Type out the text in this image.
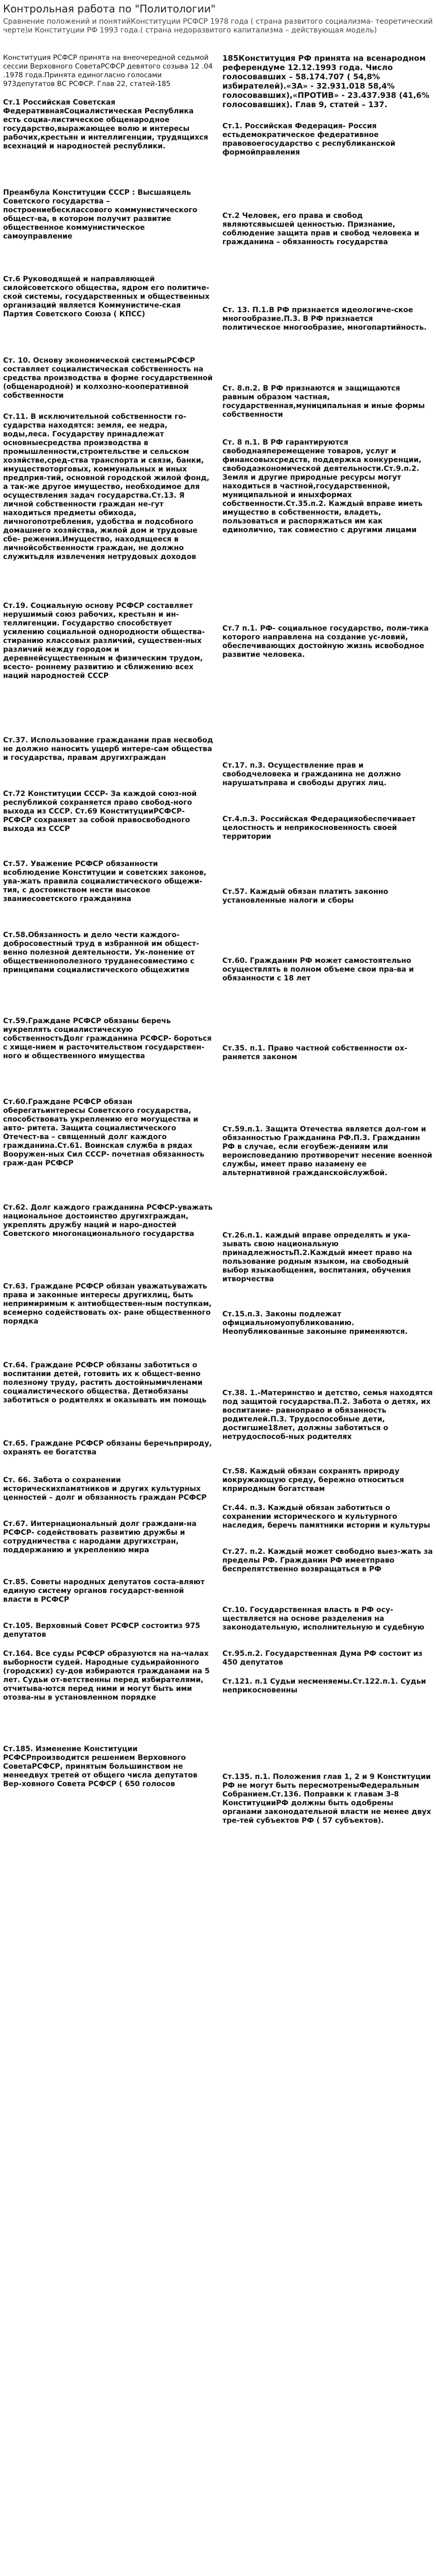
Контрольная работа по "Политологии"
Сравнение положений и понятийКонституции РСФСР 1978 года ( страна развитого социализма- теоретический черте)и Конституции РФ 1993 года.( страна недоразвитого капитализма – действующая модель)
Конституция РСФСР принята на внеочередной седьмой сессии Верховного СоветаРСФСР девятого созыва 12 .04 .1978 года.Принята единогласно голосами 973депутатов ВС РСФСР. Глав 22, статей-185
Ст.1 Российская Советская ФедеративнаяСоциалистическая Республика есть социа-листическое общенародное государство,выражающее волю и интересы рабочих,крестьян и интеллигенции, трудящихся всехнаций и народностей республики.
Преамбула Конституции СССР : Высшаяцель Советского государства – построениебесклассового коммунистического общест-ва, в котором получит развитие общественное коммунистическое самоуправление
Ст.6 Руководящей и направляющей силойсоветского общества, ядром его политиче-ской системы, государственных и общественных организаций является Коммунистиче-ская Партия Советского Союза ( КПСС)
Ст. 10. Основу экономической системыРСФСР составляет социалистическая собственность на средства производства в форме государственной (общенародной) и колхозно-кооперативной собственности
Ст.11. В исключительной собственности го-сударства находятся: земля, ее недра, воды,леса. Государству принадлежат основныесредства производства в промышленности,строительстве и сельском хозяйстве,сред-ства транспорта и связи, банки, имуществоторговых, коммунальных и иных предприя-тий, основной городской жилой фонд, а так-же другое имущество, необходимое для осуществления задач государства.Ст.13. Я личной собственности граждан не-гут находиться предметы обихода, личногопотребления, удобства и подсобного домашнего хозяйства, жилой дом и трудовые сбе- режения.Имущество, находящееся в личнойсобственности граждан, не должно служитьдля извлечения нетрудовых доходов
Ст.19. Социальную основу РСФСР составляет нерушимый союз рабочих, крестьян и ин-теллигенции. Государство способствует усилению социальной однородности общества-стиранию классовых различий, существен-ных различий между городом и деревнейсущественным и физическим трудом, всесто- роннему развитию и сближению всех наций народностей СССР
Ст.37. Использование гражданами прав несвобод не должно наносить ущерб интере-сам общества и государства, правам другихграждан
Ст.72 Конституции СССР- За каждой союз-ной республикой сохраняется право свобод-ного выхода из СССР. Ст.69 КонституцииРСФСР- РСФСР сохраняет за собой правосвободного выхода из СССР
Ст.57. Уважение РСФСР обязанности всоблюдение Конституции и советских законов, ува-жать правила социалистического общежи-тия, с достоинством нести высокое званиесоветского гражданина
Ст.58.Обязанность и дело чести каждого-добросовестный труд в избранной им общест-венно полезной деятельности. Ук-лонение от общественнополезного труданесовместимо с принципами социалистического общежития
Ст.59.Граждане РСФСР обязаны беречь иукреплять социалистическую собственностьДолг гражданина РСФСР- бороться с хище-нием и расточительством государствен-ного и общественного имущества
Ст.60.Граждане РСФСР обязан оберегатьинтересы Советского государства, способствовать укреплению его могущества и авто- ритета. Защита социалистического Отечест-ва – священный долг каждого гражданина.Ст.61. Воинская служба в рядах Вооружен-ных Сил СССР- почетная обязанность граж-дан РСФСР
Ст.62. Долг каждого гражданина РСФСР-уважать национальное достоинство другихграждан, укреплять дружбу наций и наро-дностей Советского многонационального государства
Ст.63. Граждане РСФСР обязан уважатьуважать права и законные интересы другихлиц, быть непримиримым к антиобществен-ным поступкам, всемерно содействовать ох- ране общественного порядка
Ст.64. Граждане РСФСР обязаны заботиться о воспитании детей, готовить их к общест-венно полезному труду, растить достойнымичленами социалистического общества. Детиобязаны заботиться о родителях и оказывать им помощь
Ст.65. Граждане РСФСР обязаны беречьприроду, охранять ее богатства
Ст. 66. Забота о сохранении историческихпамятников и других культурных ценностей – долг и обязанность граждан РСФСР
Ст.67. Интернациональный долг граждани-на РСФСР- содействовать развитию дружбы и сотрудничества с народами другихстран, поддержанию и укреплению мира
Ст.85. Советы народных депутатов соста-вляют единую систему органов государст-венной власти в РСФСР
Ст.105. Верховный Совет РСФСР состоитиз 975 депутатов
Ст.164. Все суды РСФСР образуются на на-чалах выборности судей. Народные судьирайонного (городских) су-дов избираются гражданами на 5 лет. Судьи от-ветственны перед избирателями, отчитыва-ются перед ними и могут быть ими отозва-ны в установленном порядке
Ст.185. Изменение Конституции РСФСРпроизводится решением Верховного СоветаРСФСР, принятым большинством не менеедвух третей от общего числа депутатов Вер-ховного Совета РСФСР ( 650 голосов
185Конституция РФ принята на всенародном референдуме 12.12.1993 года. Число голосовавших – 58.174.707 ( 54,8% избирателей).«ЗА» - 32.931.018 58,4% голосовавших),«ПРОТИВ» - 23.437.938 (41,6% голосовавших). Глав 9, статей – 137.
Ст.1. Российская Федерация- Россия естьдемократическое федеративное правовоегосударство с республиканской формойправления
Ст.2 Человек, его права и свобод являютсявысшей ценностью. Признание, соблюдение защита прав и свобод человека и гражданина – обязанность государства
Ст. 13. П.1.В РФ признается идеологиче-ское многообразие.П.3. В РФ признается политическое многообразие, многопартийность.
Ст. 8.п.2. В РФ признаются и защищаются равным образом частная, государственная,муниципальная и иные формы собственности
Ст. 8 п.1. В РФ гарантируются свободнаяперемещение товаров, услуг и финансовыхсредств, поддержка конкуренции, свободаэкономической деятельности.Ст.9.п.2. Земля и другие природные ресурсы могут находиться в частной,государственной, муниципальной и иныхформах собственности.Ст.35.п.2. Каждый вправе иметь имущество в собственности, владеть, пользоваться и распоряжаться им как единолично, так совместно с другими лицами
Ст.7 п.1. РФ- социальное государство, поли-тика которого направлена на создание ус-ловий, обеспечивающих достойную жизнь исвободное развитие человека.
Ст.17. п.3. Осуществление прав и свободчеловека и гражданина не должно нарушатьправа и свободы других лиц.
Ст.4.п.3. Российская Федерацияобеспечивает целостность и неприкосновенность своей территории
Ст.57. Каждый обязан платить законно установленные налоги и сборы
Ст.60. Гражданин РФ может самостоятельно осуществлять в полном объеме свои пра-ва и обязанности с 18 лет
Ст.35. п.1. Право частной собственности ох- раняется законом
Ст.59.п.1. Защита Отечества является дол-гом и обязанностью Гражданина РФ.П.3. Гражданин РФ в случае, если егоубеж-дениям или вероисповеданию противоречит несение военной службы, имеет право назамену ее альтернативной гражданскойслужбой.
Ст.26.п.1. каждый вправе определять и ука-зывать свою национальную принадлежностьП.2.Каждый имеет право на пользование родным языком, на свободный выбор языкаобщения, воспитания, обучения итворчества
Ст.15.п.3. Законы подлежат официальномуопубликованию. Неопубликованные законыне применяются.
Ст.38. 1.-Материнство и детство, семья находятся под защитой государства.П.2. Забота о детях, их воспитание- равноправо и обязанность родителей.П.3. Трудоспособные дети, достигшие18лет, должны заботиться о нетрудоспособ-ных родителях
Ст.58. Каждый обязан сохранять природу иокружающую среду, бережно относиться кприродным богатствам
Ст.44. п.3. Каждый обязан заботиться о сохранении исторического и культурного наследия, беречь памятники истории и культуры
Ст.27. п.2. Каждый может свободно выез-жать за пределы РФ. Гражданин РФ имеетправо беспрепятственно возвращаться в РФ
Ст.10. Государственная власть в РФ осу-ществляется на основе разделения на законодательную, исполнительную и судебную
Ст.95.п.2. Государственная Дума РФ состоит из 450 депутатов
Ст.121. п.1 Судьи несменяемы.Ст.122.п.1. Судьи неприкосновенны
Ст.135. п.1. Положения глав 1, 2 и 9 Конституции РФ не могут быть пересмотреныФедеральным Собранием.Ст.136. Поправки к главам 3-8 КонституцииРФ должны быть одобрены органами законодательной власти не менее двух тре-тей субъектов РФ ( 57 субъектов).
